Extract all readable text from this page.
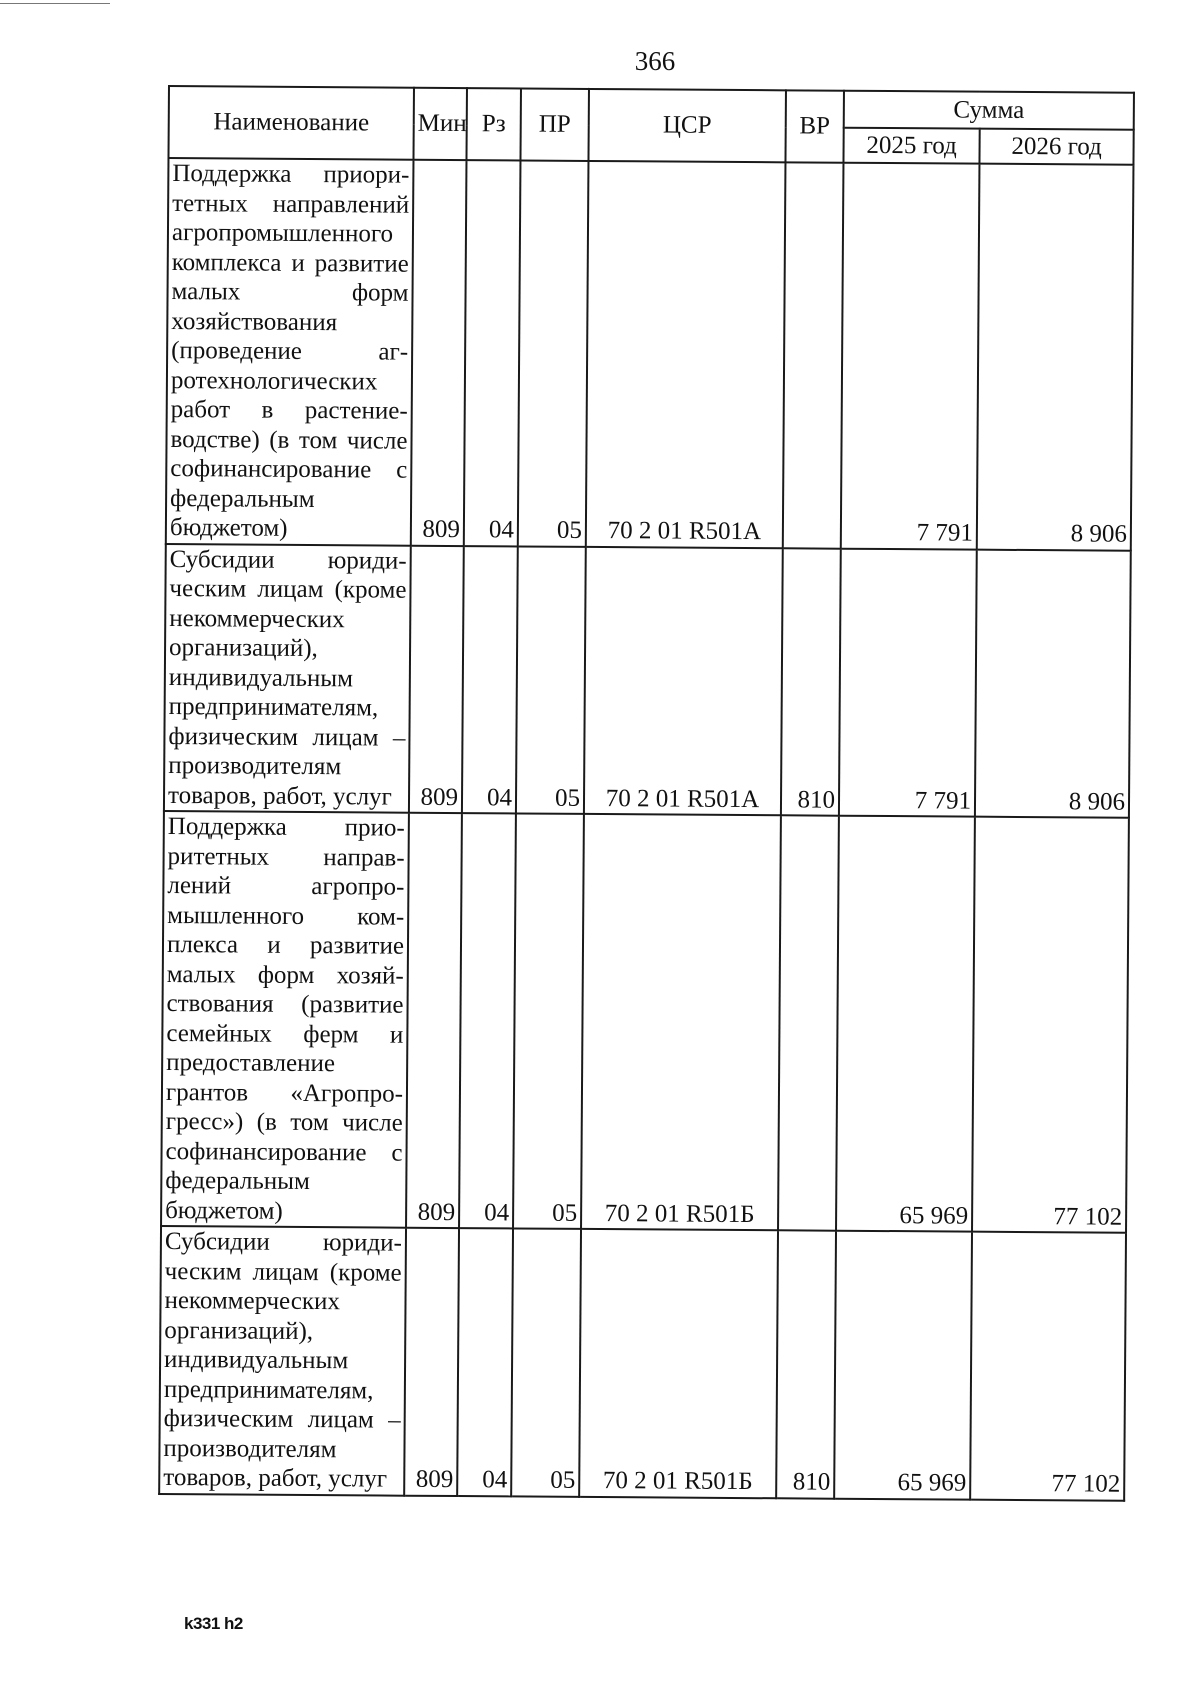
366
Наименование	Мин	Рз	ПР	ЦСР	ВР	Сумма	
						2025 год	2026 год
Поддержка приоритетных направлений агропромышленного комплекса и развитие малых форм хозяйствования (проведение агротехнологических работ в растениеводстве) (в том числе софинансирование с федеральным бюджетом)	809	04	05	70 2 01 R501А		7 791	8 906
Субсидии юридическим лицам (кроме некоммерческих организаций), индивидуальным предпринимателям, физическим лицам – производителям товаров, работ, услуг	809	04	05	70 2 01 R501А	810	7 791	8 906
Поддержка приоритетных направлений агропромышленного комплекса и развитие малых форм хозяйствования (развитие семейных ферм и предоставление грантов «Агропрогресс») (в том числе софинансирование с федеральным бюджетом)	809	04	05	70 2 01 R501Б		65 969	77 102
Субсидии юридическим лицам (кроме некоммерческих организаций), индивидуальным предпринимателям, физическим лицам – производителям товаров, работ, услуг	809	04	05	70 2 01 R501Б	810	65 969	77 102
k331 h2
